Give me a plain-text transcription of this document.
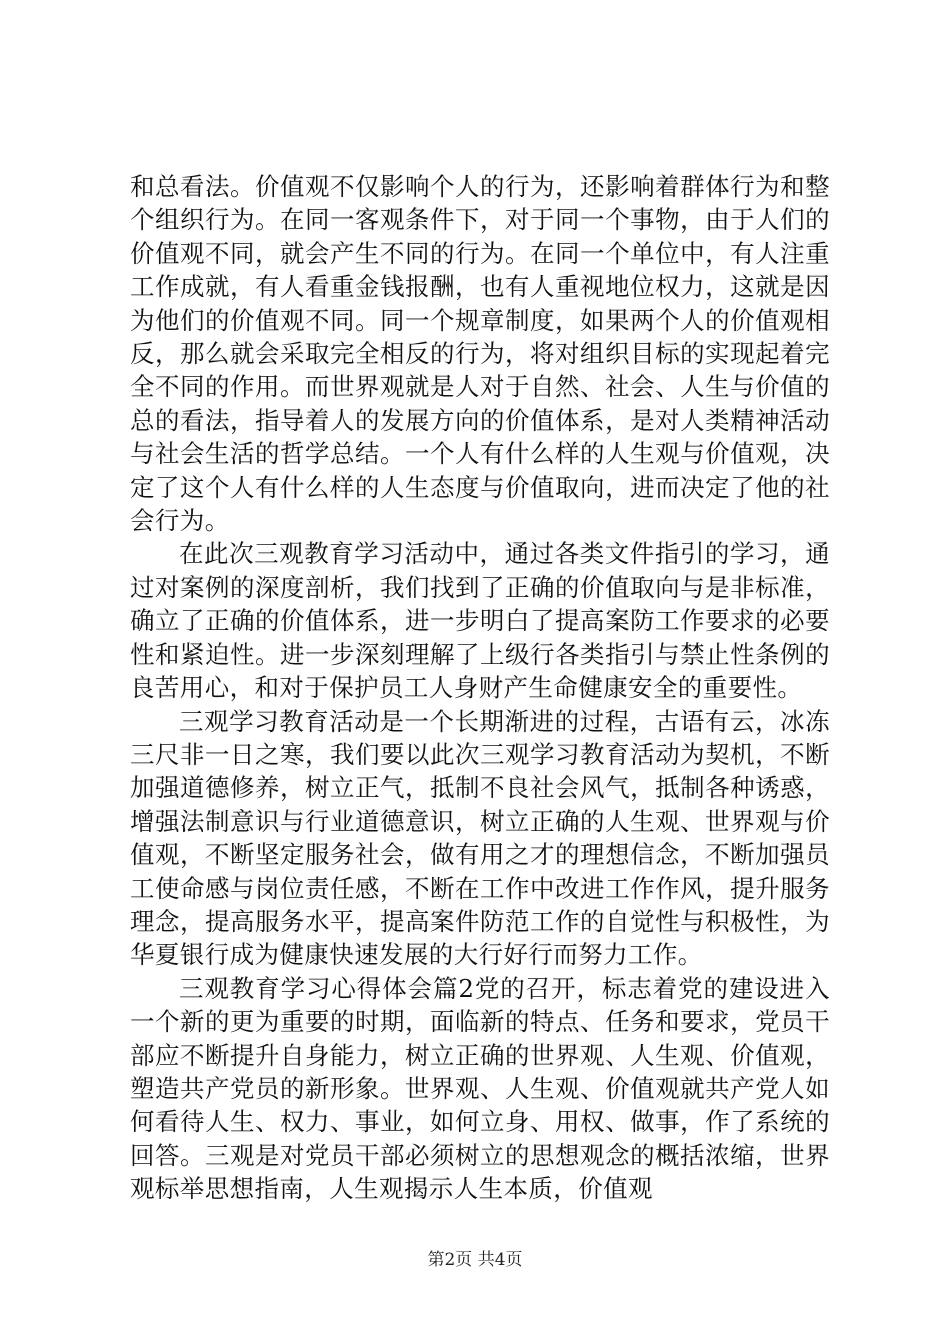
和总看法。价值观不仅影响个人的行为，还影响着群体行为和整个组织行为。在同一客观条件下，对于同一个事物，由于人们的价值观不同，就会产生不同的行为。在同一个单位中，有人注重工作成就，有人看重金钱报酬，也有人重视地位权力，这就是因为他们的价值观不同。同一个规章制度，如果两个人的价值观相反，那么就会采取完全相反的行为，将对组织目标的实现起着完全不同的作用。而世界观就是人对于自然、社会、人生与价值的总的看法，指导着人的发展方向的价值体系，是对人类精神活动与社会生活的哲学总结。一个人有什么样的人生观与价值观，决定了这个人有什么样的人生态度与价值取向，进而决定了他的社会行为。

在此次三观教育学习活动中，通过各类文件指引的学习，通过对案例的深度剖析，我们找到了正确的价值取向与是非标准，确立了正确的价值体系，进一步明白了提高案防工作要求的必要性和紧迫性。进一步深刻理解了上级行各类指引与禁止性条例的良苦用心，和对于保护员工人身财产生命健康安全的重要性。

三观学习教育活动是一个长期渐进的过程，古语有云，冰冻三尺非一日之寒，我们要以此次三观学习教育活动为契机，不断加强道德修养，树立正气，抵制不良社会风气，抵制各种诱惑，增强法制意识与行业道德意识，树立正确的人生观、世界观与价值观，不断坚定服务社会，做有用之才的理想信念，不断加强员工使命感与岗位责任感，不断在工作中改进工作作风，提升服务理念，提高服务水平，提高案件防范工作的自觉性与积极性，为华夏银行成为健康快速发展的大行好行而努力工作。

三观教育学习心得体会篇2党的召开，标志着党的建设进入一个新的更为重要的时期，面临新的特点、任务和要求，党员干部应不断提升自身能力，树立正确的世界观、人生观、价值观，塑造共产党员的新形象。世界观、人生观、价值观就共产党人如何看待人生、权力、事业，如何立身、用权、做事，作了系统的回答。三观是对党员干部必须树立的思想观念的概括浓缩，世界观标举思想指南，人生观揭示人生本质，价值观

第2页 共4页
